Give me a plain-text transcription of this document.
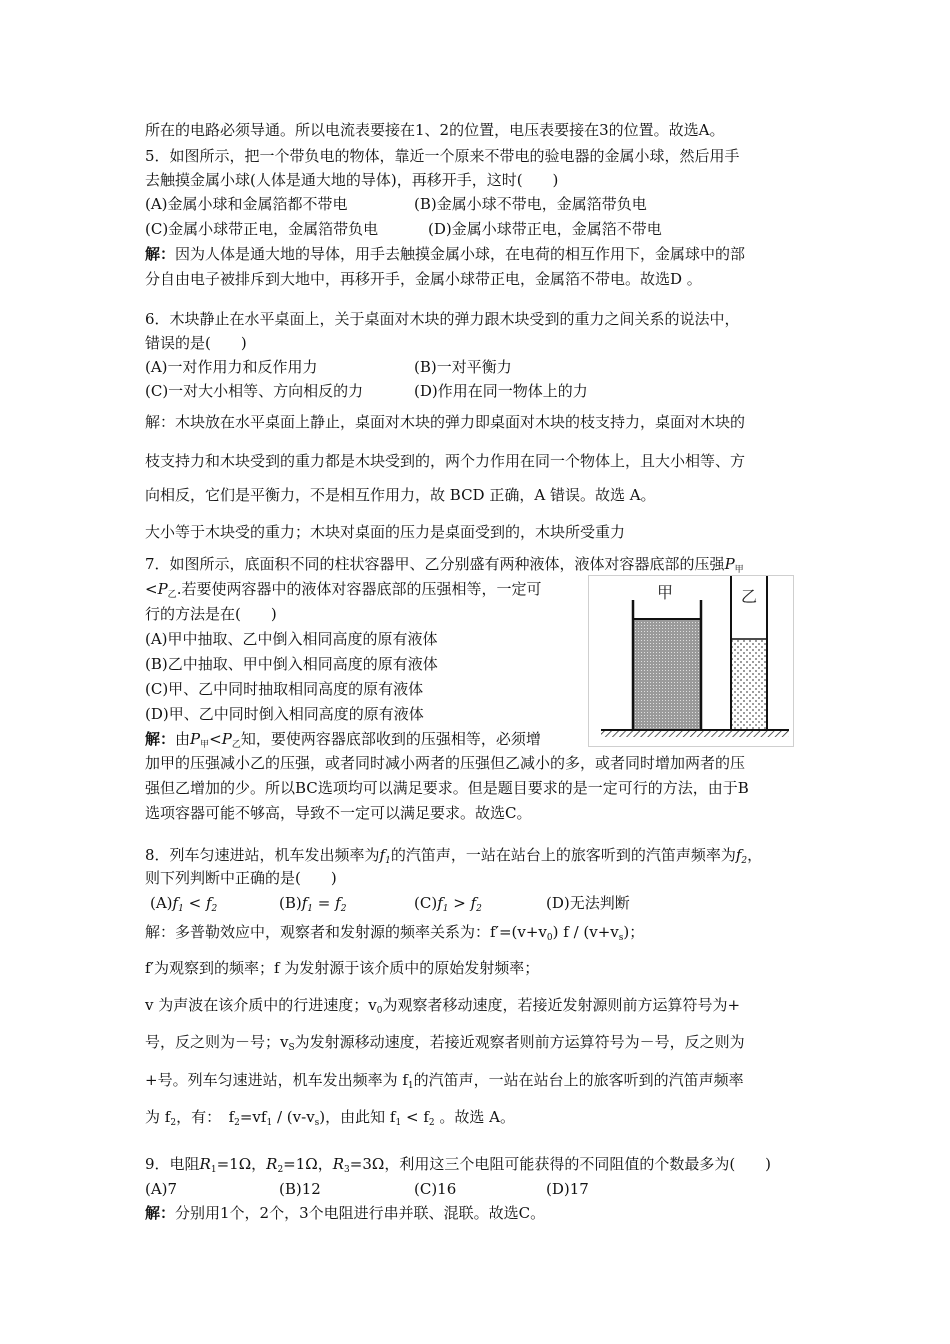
所在的电路必须导通。所以电流表要接在1、2的位置，电压表要接在3的位置。故选A。
5．如图所示，把一个带负电的物体，靠近一个原来不带电的验电器的金属小球，然后用手
去触摸金属小球(人体是通大地的导体)，再移开手，这时(　　)
(A)金属小球和金属箔都不带电	(B)金属小球不带电，金属箔带负电
(C)金属小球带正电，金属箔带负电	(D)金属小球带正电，金属箔不带电
解：因为人体是通大地的导体，用手去触摸金属小球，在电荷的相互作用下，金属球中的部
分自由电子被排斥到大地中，再移开手，金属小球带正电，金属箔不带电。故选D 。
6．木块静止在水平桌面上，关于桌面对木块的弹力跟木块受到的重力之间关系的说法中，
错误的是(　　)
(A)一对作用力和反作用力	(B)一对平衡力
(C)一对大小相等、方向相反的力	(D)作用在同一物体上的力
解：木块放在水平桌面上静止，桌面对木块的弹力即桌面对木块的枝支持力，桌面对木块的
枝支持力和木块受到的重力都是木块受到的，两个力作用在同一个物体上，且大小相等、方
向相反，它们是平衡力，不是相互作用力，故 BCD 正确，A 错误。故选 A。
大小等于木块受的重力；木块对桌面的压力是桌面受到的，木块所受重力
7．如图所示，底面积不同的柱状容器甲、乙分别盛有两种液体，液体对容器底部的压强$P_甲$
$<P_乙$.若要使两容器中的液体对容器底部的压强相等，一定可
行的方法是在(　　)
(A)甲中抽取、乙中倒入相同高度的原有液体
(B)乙中抽取、甲中倒入相同高度的原有液体
(C)甲、乙中同时抽取相同高度的原有液体
(D)甲、乙中同时倒入相同高度的原有液体
解：由$P_甲<P_乙$知，要使两容器底部收到的压强相等，必须增
加甲的压强减小乙的压强，或者同时减小两者的压强但乙减小的多，或者同时增加两者的压
强但乙增加的少。所以BC选项均可以满足要求。但是题目要求的是一定可行的方法，由于B
选项容器可能不够高，导致不一定可以满足要求。故选C。
甲	乙
8．列车匀速进站，机车发出频率为$f_1$的汽笛声，一站在站台上的旅客听到的汽笛声频率为$f_2$，
则下列判断中正确的是(　　)
$(A)f_1 < f_2$	$(B)f_1 = f_2$	$(C)f_1 > f_2$	(D)无法判断
解：多普勒效应中，观察者和发射源的频率关系为：$f'=(v+v_0)$ $f / (v+v_s)$；
f′为观察到的频率；f 为发射源于该介质中的原始发射频率；
v 为声波在该介质中的行进速度；$v_0$为观察者移动速度，若接近发射源则前方运算符号为+
号，反之则为－号；$v_S$为发射源移动速度，若接近观察者则前方运算符号为－号，反之则为
+号。列车匀速进站，机车发出频率为 $f_1$的汽笛声，一站在站台上的旅客听到的汽笛声频率
为 $f_2$，有：　$f_2=vf_1 / (v-v_s)$，由此知 $f_1 < f_2$ 。故选 A。
9．电阻$R_1=1\Omega$，$R_2=1\Omega$，$R_3=3\Omega$，利用这三个电阻可能获得的不同阻值的个数最多为(　　)
(A)7	(B)12	(C)16	(D)17
解：分别用1个，2个，3个电阻进行串并联、混联。故选C。
